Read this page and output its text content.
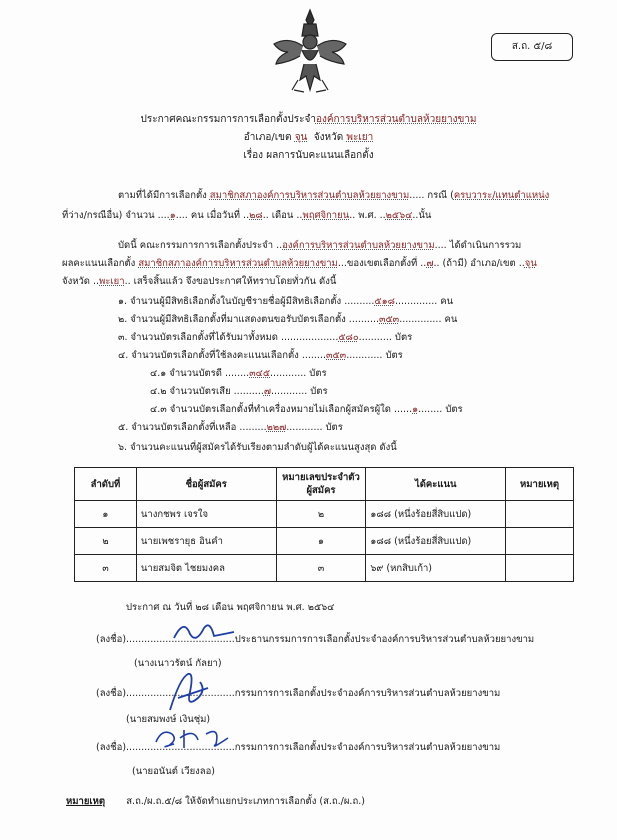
ส.ถ. ๕/๘
ประกาศคณะกรรมการการเลือกตั้งประจำองค์การบริหารส่วนตำบลห้วยยางขาม
อำเภอ/เขต จุน จังหวัด พะเยา
เรื่อง ผลการนับคะแนนเลือกตั้ง
ตามที่ได้มีการเลือกตั้ง สมาชิกสภาองค์การบริหารส่วนตำบลห้วยยางขาม..... กรณี (ครบวาระ/แทนตำแหน่ง
ที่ว่าง/กรณีอื่น) จำนวน ....๑.... คน เมื่อวันที่ ..๒๘.. เดือน ..พฤศจิกายน.. พ.ศ. ..๒๕๖๔..นั้น
บัดนี้ คณะกรรมการการเลือกตั้งประจำ ..องค์การบริหารส่วนตำบลห้วยยางขาม.... ได้ดำเนินการรวม
ผลคะแนนเลือกตั้ง สมาชิกสภาองค์การบริหารส่วนตำบลห้วยยางขาม...ของเขตเลือกตั้งที่ ..๗.. (ถ้ามี) อำเภอ/เขต ..จุน
จังหวัด ..พะเยา.. เสร็จสิ้นแล้ว จึงขอประกาศให้ทราบโดยทั่วกัน ดังนี้
๑. จำนวนผู้มีสิทธิเลือกตั้งในบัญชีรายชื่อผู้มีสิทธิเลือกตั้ง ..........๕๑๘.............. คน
๒. จำนวนผู้มีสิทธิเลือกตั้งที่มาแสดงตนขอรับบัตรเลือกตั้ง ..........๓๕๓.............. คน
๓. จำนวนบัตรเลือกตั้งที่ได้รับมาทั้งหมด ...................๕๘๐........... บัตร
๔. จำนวนบัตรเลือกตั้งที่ใช้ลงคะแนนเลือกตั้ง ........๓๕๓............ บัตร
๔.๑ จำนวนบัตรดี ........๓๔๕............ บัตร
๔.๒ จำนวนบัตรเสีย ..........๗............ บัตร
๔.๓ จำนวนบัตรเลือกตั้งที่ทำเครื่องหมายไม่เลือกผู้สมัครผู้ใด ......๑........ บัตร
๕. จำนวนบัตรเลือกตั้งที่เหลือ .........๒๒๗............ บัตร
๖. จำนวนคะแนนที่ผู้สมัครได้รับเรียงตามลำดับผู้ได้คะแนนสูงสุด ดังนี้
ลำดับที่	ชื่อผู้สมัคร	หมายเลขประจำตัว ผู้สมัคร	ได้คะแนน	หมายเหตุ
๑	นางกชพร เจรใจ	๒	๑๘๘ (หนึ่งร้อยสี่สิบแปด)	
๒	นายเพชรายุธ อินคำ	๑	๑๘๘ (หนึ่งร้อยสี่สิบแปด)	
๓	นายสมจิต ไชยมงคล	๓	๖๙ (หกสิบเก้า)	
ประกาศ ณ วันที่ ๒๘ เดือน พฤศจิกายน พ.ศ. ๒๕๖๔
(ลงชื่อ)....................................ประธานกรรมการการเลือกตั้งประจำองค์การบริหารส่วนตำบลห้วยยางขาม
(นางเนาวรัตน์ กัลยา)
(ลงชื่อ)....................................กรรมการการเลือกตั้งประจำองค์การบริหารส่วนตำบลห้วยยางขาม
(นายสมพงษ์ เงินชุ่ม)
(ลงชื่อ)....................................กรรมการการเลือกตั้งประจำองค์การบริหารส่วนตำบลห้วยยางขาม
(นายอนันต์ เวียงลอ)
หมายเหตุ ส.ถ./ผ.ถ.๕/๘ ให้จัดทำแยกประเภทการเลือกตั้ง (ส.ถ./ผ.ถ.)
